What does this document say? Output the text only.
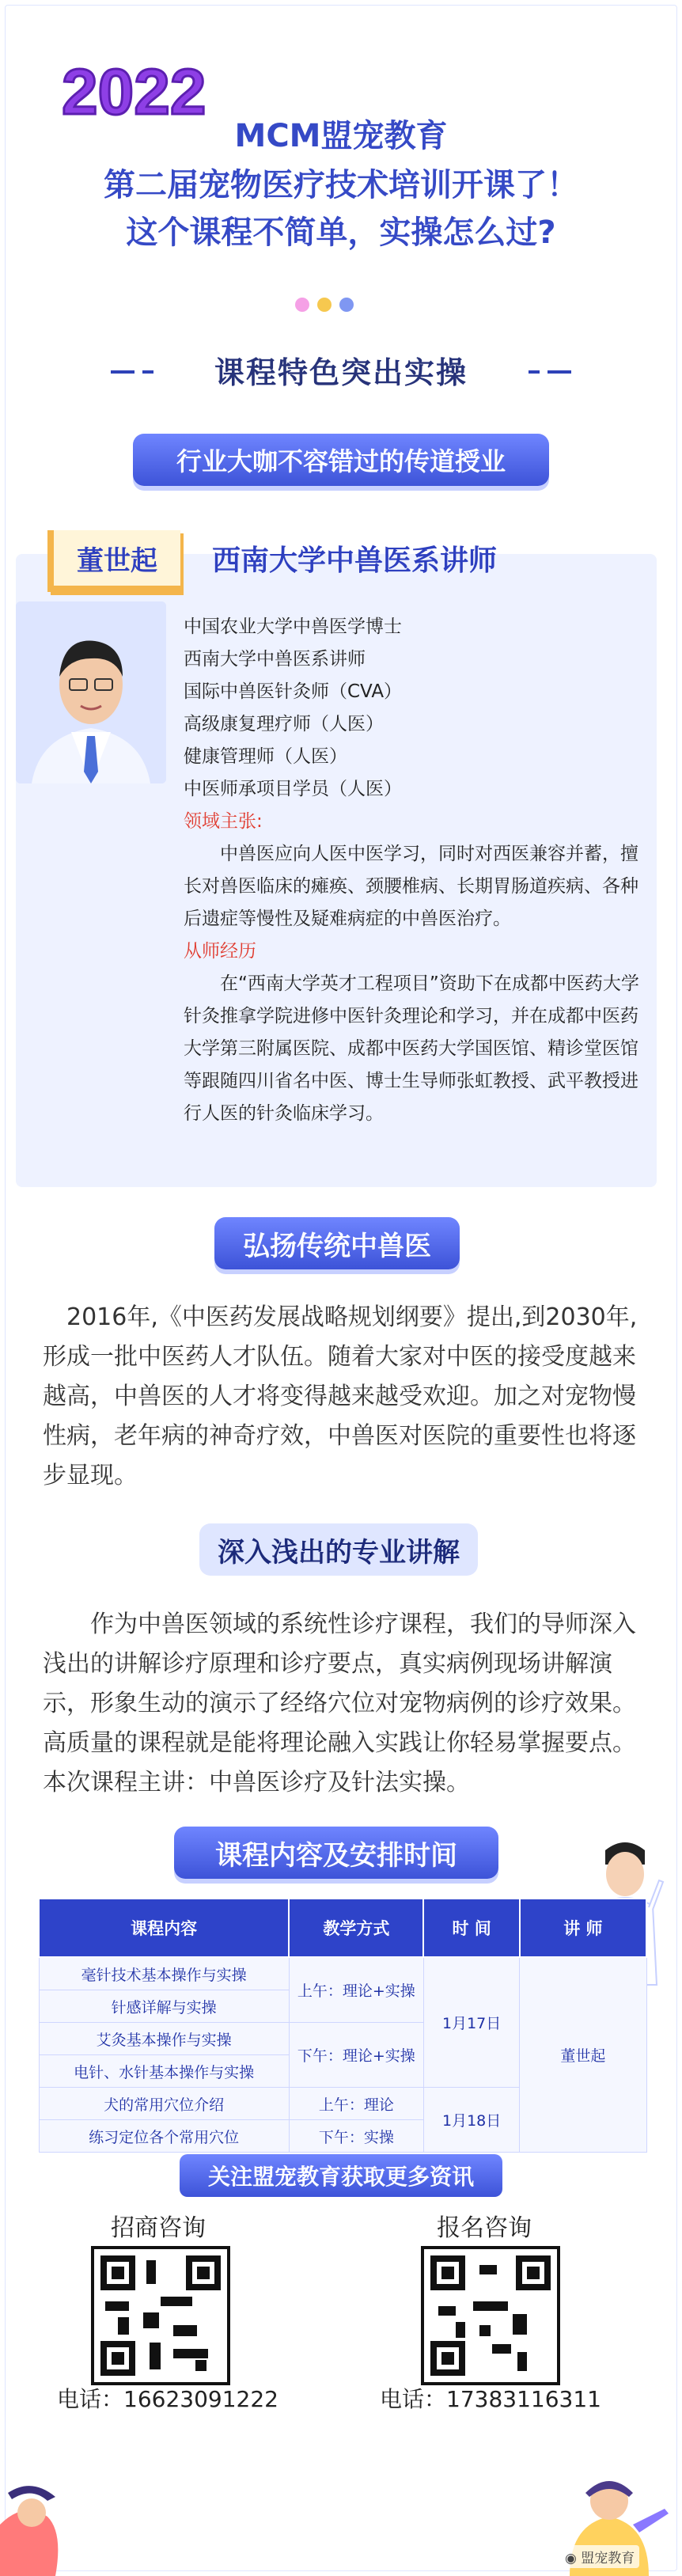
2022
MCM盟宠教育
第二届宠物医疗技术培训开课了！
这个课程不简单，实操怎么过?
课程特色突出实操
行业大咖不容错过的传道授业
董世起 西南大学中兽医系讲师
中国农业大学中兽医学博士
西南大学中兽医系讲师
国际中兽医针灸师（CVA）
高级康复理疗师（人医）
健康管理师（人医）
中医师承项目学员（人医）
领域主张:
中兽医应向人医中医学习，同时对西医兼容并蓄，擅长对兽医临床的瘫痪、颈腰椎病、长期胃肠道疾病、各种后遗症等慢性及疑难病症的中兽医治疗。
从师经历
在“西南大学英才工程项目”资助下在成都中医药大学针灸推拿学院进修中医针灸理论和学习，并在成都中医药大学第三附属医院、成都中医药大学国医馆、精诊堂医馆等跟随四川省名中医、博士生导师张虹教授、武平教授进行人医的针灸临床学习。
弘扬传统中兽医
2016年,《中医药发展战略规划纲要》提出,到2030年,形成一批中医药人才队伍。随着大家对中医的接受度越来越高，中兽医的人才将变得越来越受欢迎。加之对宠物慢性病，老年病的神奇疗效，中兽医对医院的重要性也将逐步显现。
深入浅出的专业讲解
作为中兽医领域的系统性诊疗课程，我们的导师深入浅出的讲解诊疗原理和诊疗要点，真实病例现场讲解演示，形象生动的演示了经络穴位对宠物病例的诊疗效果。高质量的课程就是能将理论融入实践让你轻易掌握要点。本次课程主讲：中兽医诊疗及针法实操。
课程内容及安排时间
课程内容	教学方式	时 间	讲 师
毫针技术基本操作与实操	上午：理论+实操	1月17日	董世起
针感详解与实操			
艾灸基本操作与实操	下午：理论+实操		
电针、水针基本操作与实操			
犬的常用穴位介绍	上午：理论	1月18日	
练习定位各个常用穴位	下午：实操		
关注盟宠教育获取更多资讯
招商咨询	报名咨询
电话：16623091222	电话：17383116311
◉ 盟宠教育
